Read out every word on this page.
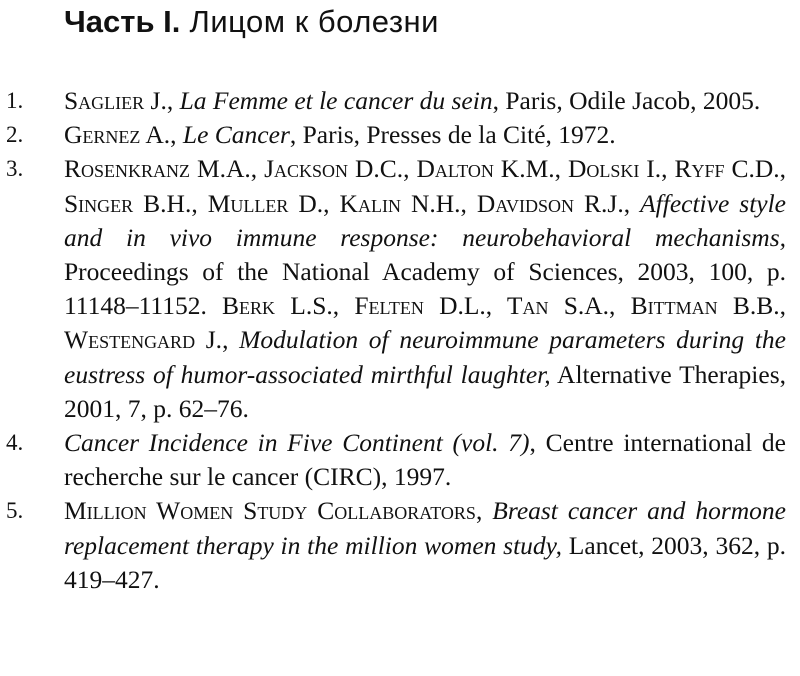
Часть I. Лицом к болезни
1. Saglier J., La Femme et le cancer du sein, Paris, Odile Jacob, 2005.
2. Gernez A., Le Cancer, Paris, Presses de la Cité, 1972.
3. Rosenkranz M.A., Jackson D.C., Dalton K.M., Dolski I., Ryff C.D., Singer B.H., Muller D., Kalin N.H., Davidson R.J., Affective style and in vivo immune response: neurobehavioral mechanisms, Proceedings of the National Academy of Sciences, 2003, 100, p. 11148–11152. Berk L.S., Felten D.L., Tan S.A., Bittman B.B., Westengard J., Modulation of neuroimmune parameters during the eustress of humor-associated mirthful laughter, Alternative Therapies, 2001, 7, p. 62–76.
4. Cancer Incidence in Five Continent (vol. 7), Centre international de recherche sur le cancer (CIRC), 1997.
5. Million Women Study Collaborators, Breast cancer and hormone replacement therapy in the million women study, Lancet, 2003, 362, p. 419–427.
